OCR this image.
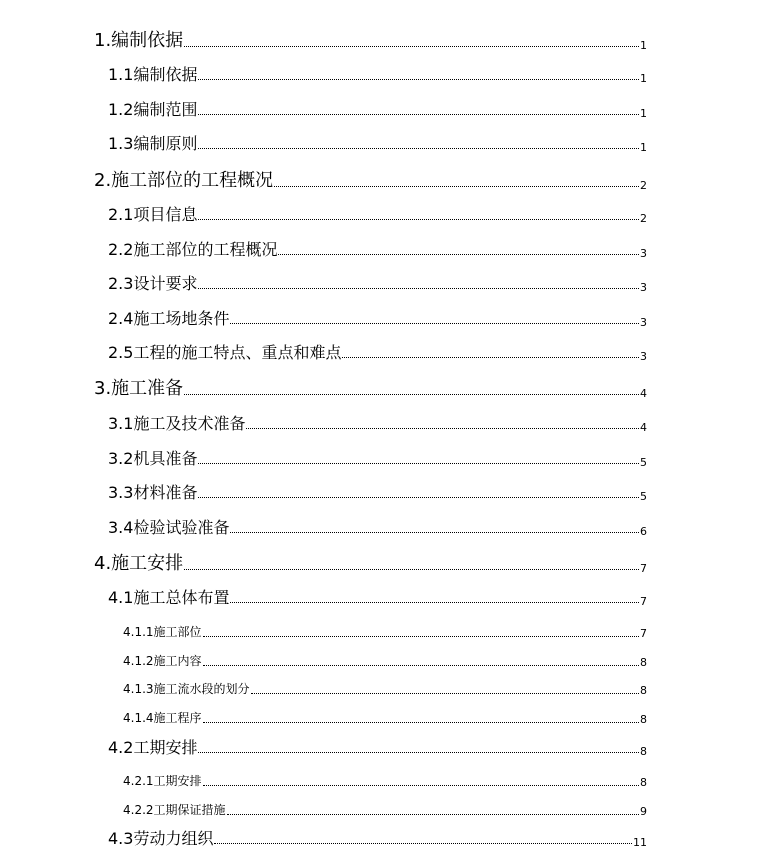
1.编制依据	1
1.1编制依据	1
1.2编制范围	1
1.3编制原则	1
2.施工部位的工程概况	2
2.1项目信息	2
2.2施工部位的工程概况	3
2.3设计要求	3
2.4施工场地条件	3
2.5工程的施工特点、重点和难点	3
3.施工准备	4
3.1施工及技术准备	4
3.2机具准备	5
3.3材料准备	5
3.4检验试验准备	6
4.施工安排	7
4.1施工总体布置	7
4.1.1施工部位	7
4.1.2施工内容	8
4.1.3施工流水段的划分	8
4.1.4施工程序	8
4.2工期安排	8
4.2.1工期安排	8
4.2.2工期保证措施	9
4.3劳动力组织	11
